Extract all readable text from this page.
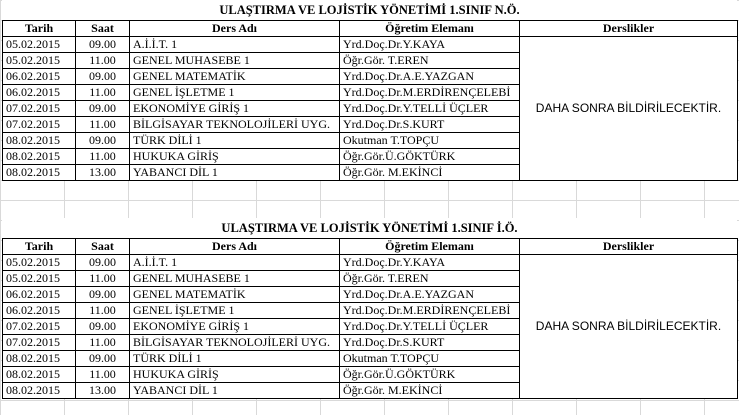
ULAŞTIRMA VE LOJİSTİK YÖNETİMİ 1.SINIF N.Ö.
Tarih	Saat	Ders Adı	Öğretim Elemanı	Derslikler
05.02.2015	09.00	A.İ.İ.T. 1	Yrd.Doç.Dr.Y.KAYA	DAHA SONRA BİLDİRİLECEKTİR.
05.02.2015	11.00	GENEL MUHASEBE 1	Öğr.Gör. T.EREN	
06.02.2015	09.00	GENEL MATEMATİK	Yrd.Doç.Dr.A.E.YAZGAN	
06.02.2015	11.00	GENEL İŞLETME 1	Yrd.Doç.Dr.M.ERDİRENÇELEBİ	
07.02.2015	09.00	EKONOMİYE GİRİŞ 1	Yrd.Doç.Dr.Y.TELLİ ÜÇLER	
07.02.2015	11.00	BİLGİSAYAR TEKNOLOJİLERİ UYG.	Yrd.Doç.Dr.S.KURT	
08.02.2015	09.00	TÜRK DİLİ 1	Okutman T.TOPÇU	
08.02.2015	11.00	HUKUKA GİRİŞ	Öğr.Gör.Ü.GÖKTÜRK	
08.02.2015	13.00	YABANCI DİL 1	Öğr.Gör. M.EKİNCİ	
ULAŞTIRMA VE LOJİSTİK YÖNETİMİ 1.SINIF İ.Ö.
Tarih	Saat	Ders Adı	Öğretim Elemanı	Derslikler
05.02.2015	09.00	A.İ.İ.T. 1	Yrd.Doç.Dr.Y.KAYA	DAHA SONRA BİLDİRİLECEKTİR.
05.02.2015	11.00	GENEL MUHASEBE 1	Öğr.Gör. T.EREN	
06.02.2015	09.00	GENEL MATEMATİK	Yrd.Doç.Dr.A.E.YAZGAN	
06.02.2015	11.00	GENEL İŞLETME 1	Yrd.Doç.Dr.M.ERDİRENÇELEBİ	
07.02.2015	09.00	EKONOMİYE GİRİŞ 1	Yrd.Doç.Dr.Y.TELLİ ÜÇLER	
07.02.2015	11.00	BİLGİSAYAR TEKNOLOJİLERİ UYG.	Yrd.Doç.Dr.S.KURT	
08.02.2015	09.00	TÜRK DİLİ 1	Okutman T.TOPÇU	
08.02.2015	11.00	HUKUKA GİRİŞ	Öğr.Gör.Ü.GÖKTÜRK	
08.02.2015	13.00	YABANCI DİL 1	Öğr.Gör. M.EKİNCİ	
